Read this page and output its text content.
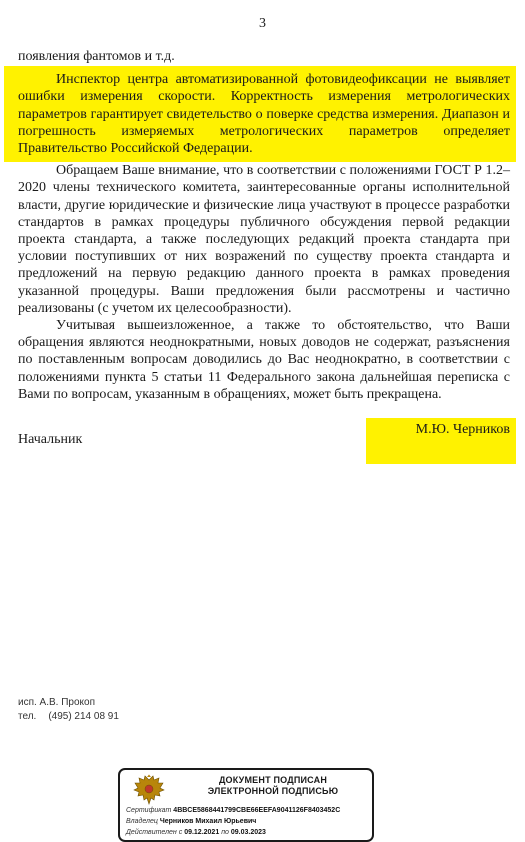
3

появления фантомов и т.д.

Инспектор центра автоматизированной фотовидеофиксации не выявляет ошибки измерения скорости. Корректность измерения метрологических параметров гарантирует свидетельство о поверке средства измерения. Диапазон и погрешность измеряемых метрологических параметров определяет Правительство Российской Федерации.

Обращаем Ваше внимание, что в соответствии с положениями ГОСТ Р 1.2–2020 члены технического комитета, заинтересованные органы исполнительной власти, другие юридические и физические лица участвуют в процессе разработки стандартов в рамках процедуры публичного обсуждения первой редакции проекта стандарта, а также последующих редакций проекта стандарта при условии поступивших от них возражений по существу проекта стандарта и предложений на первую редакцию данного проекта в рамках проведения указанной процедуры. Ваши предложения были рассмотрены и частично реализованы (с учетом их целесообразности).

Учитывая вышеизложенное, а также то обстоятельство, что Ваши обращения являются неоднократными, новых доводов не содержат, разъяснения по поставленным вопросам доводились до Вас неоднократно, в соответствии с положениями пункта 5 статьи 11 Федерального закона дальнейшая переписка с Вами по вопросам, указанным в обращениях, может быть прекращена.

Начальник
М.Ю. Черников
исп. А.В. Прокоп
тел. (495) 214 08 91
ДОКУМЕНТ ПОДПИСАН
ЭЛЕКТРОННОЙ ПОДПИСЬЮ
Сертификат 4BBCE5868441799CBE66EEFA9041126F8403452C
Владелец Черников Михаил Юрьевич
Действителен с 09.12.2021 по 09.03.2023
